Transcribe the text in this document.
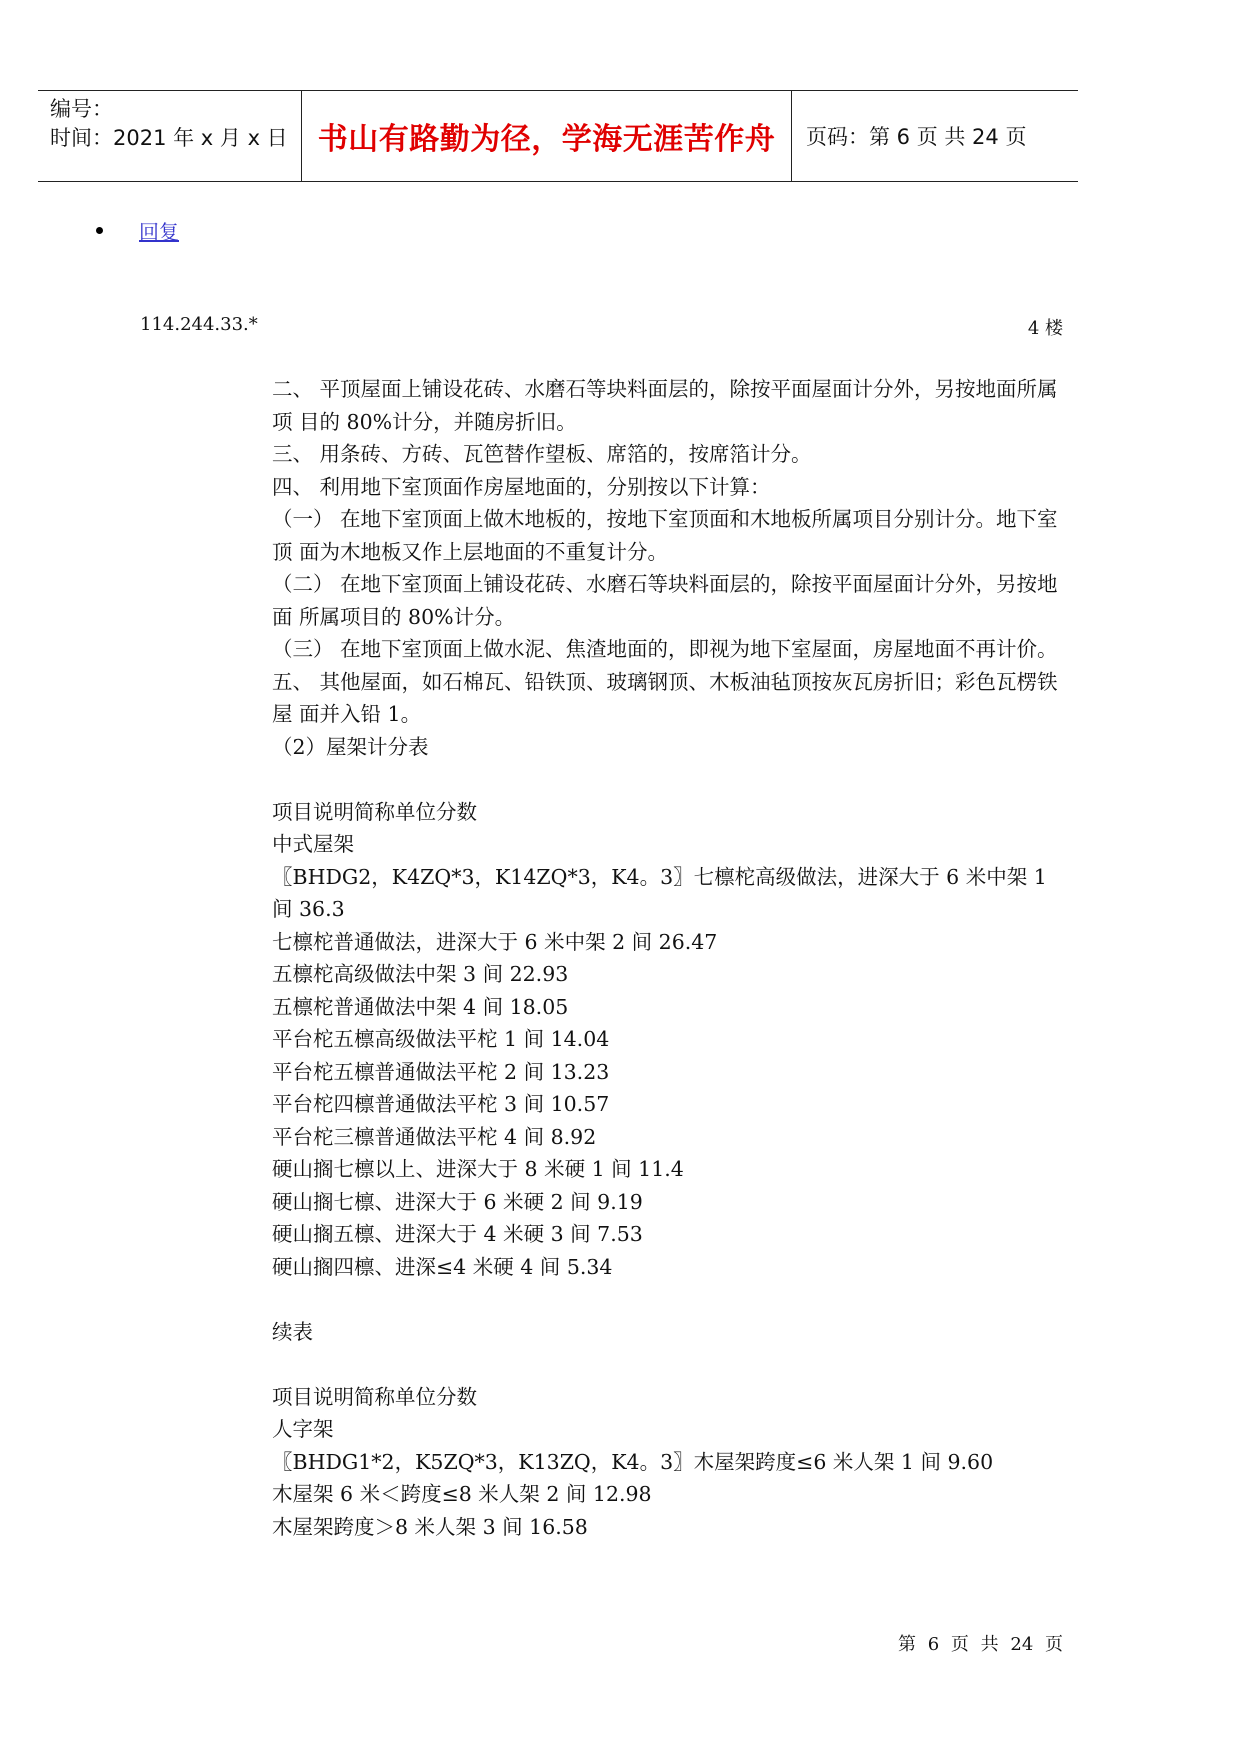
编号：
时间：2021 年 x 月 x 日	书山有路勤为径，学海无涯苦作舟	页码：第 6 页 共 24 页
回复
114.244.33.*	4 楼

二、 平顶屋面上铺设花砖、水磨石等块料面层的，除按平面屋面计分外，另按地面所属项 目的 80%计分，并随房折旧。

三、 用条砖、方砖、瓦笆替作望板、席箔的，按席箔计分。

四、 利用地下室顶面作房屋地面的，分别按以下计算：

（一） 在地下室顶面上做木地板的，按地下室顶面和木地板所属项目分别计分。地下室顶 面为木地板又作上层地面的不重复计分。

（二） 在地下室顶面上铺设花砖、水磨石等块料面层的，除按平面屋面计分外，另按地面 所属项目的 80%计分。

（三） 在地下室顶面上做水泥、焦渣地面的，即视为地下室屋面，房屋地面不再计价。

五、 其他屋面，如石棉瓦、铅铁顶、玻璃钢顶、木板油毡顶按灰瓦房折旧；彩色瓦楞铁屋 面并入铅 1。

（2）屋架计分表

项目说明简称单位分数

中式屋架

〖BHDG2，K4ZQ*3，K14ZQ*3，K4。3〗七檩柁高级做法，进深大于 6 米中架 1 间 36.3

七檩柁普通做法，进深大于 6 米中架 2 间 26.47

五檩柁高级做法中架 3 间 22.93

五檩柁普通做法中架 4 间 18.05

平台柁五檩高级做法平柁 1 间 14.04

平台柁五檩普通做法平柁 2 间 13.23

平台柁四檩普通做法平柁 3 间 10.57

平台柁三檩普通做法平柁 4 间 8.92

硬山搁七檩以上、进深大于 8 米硬 1 间 11.4

硬山搁七檩、进深大于 6 米硬 2 间 9.19

硬山搁五檩、进深大于 4 米硬 3 间 7.53

硬山搁四檩、进深≤4 米硬 4 间 5.34

续表

项目说明简称单位分数

人字架

〖BHDG1*2，K5ZQ*3，K13ZQ，K4。3〗木屋架跨度≤6 米人架 1 间 9.60

木屋架 6 米＜跨度≤8 米人架 2 间 12.98

木屋架跨度＞8 米人架 3 间 16.58

第 6 页 共 24 页
